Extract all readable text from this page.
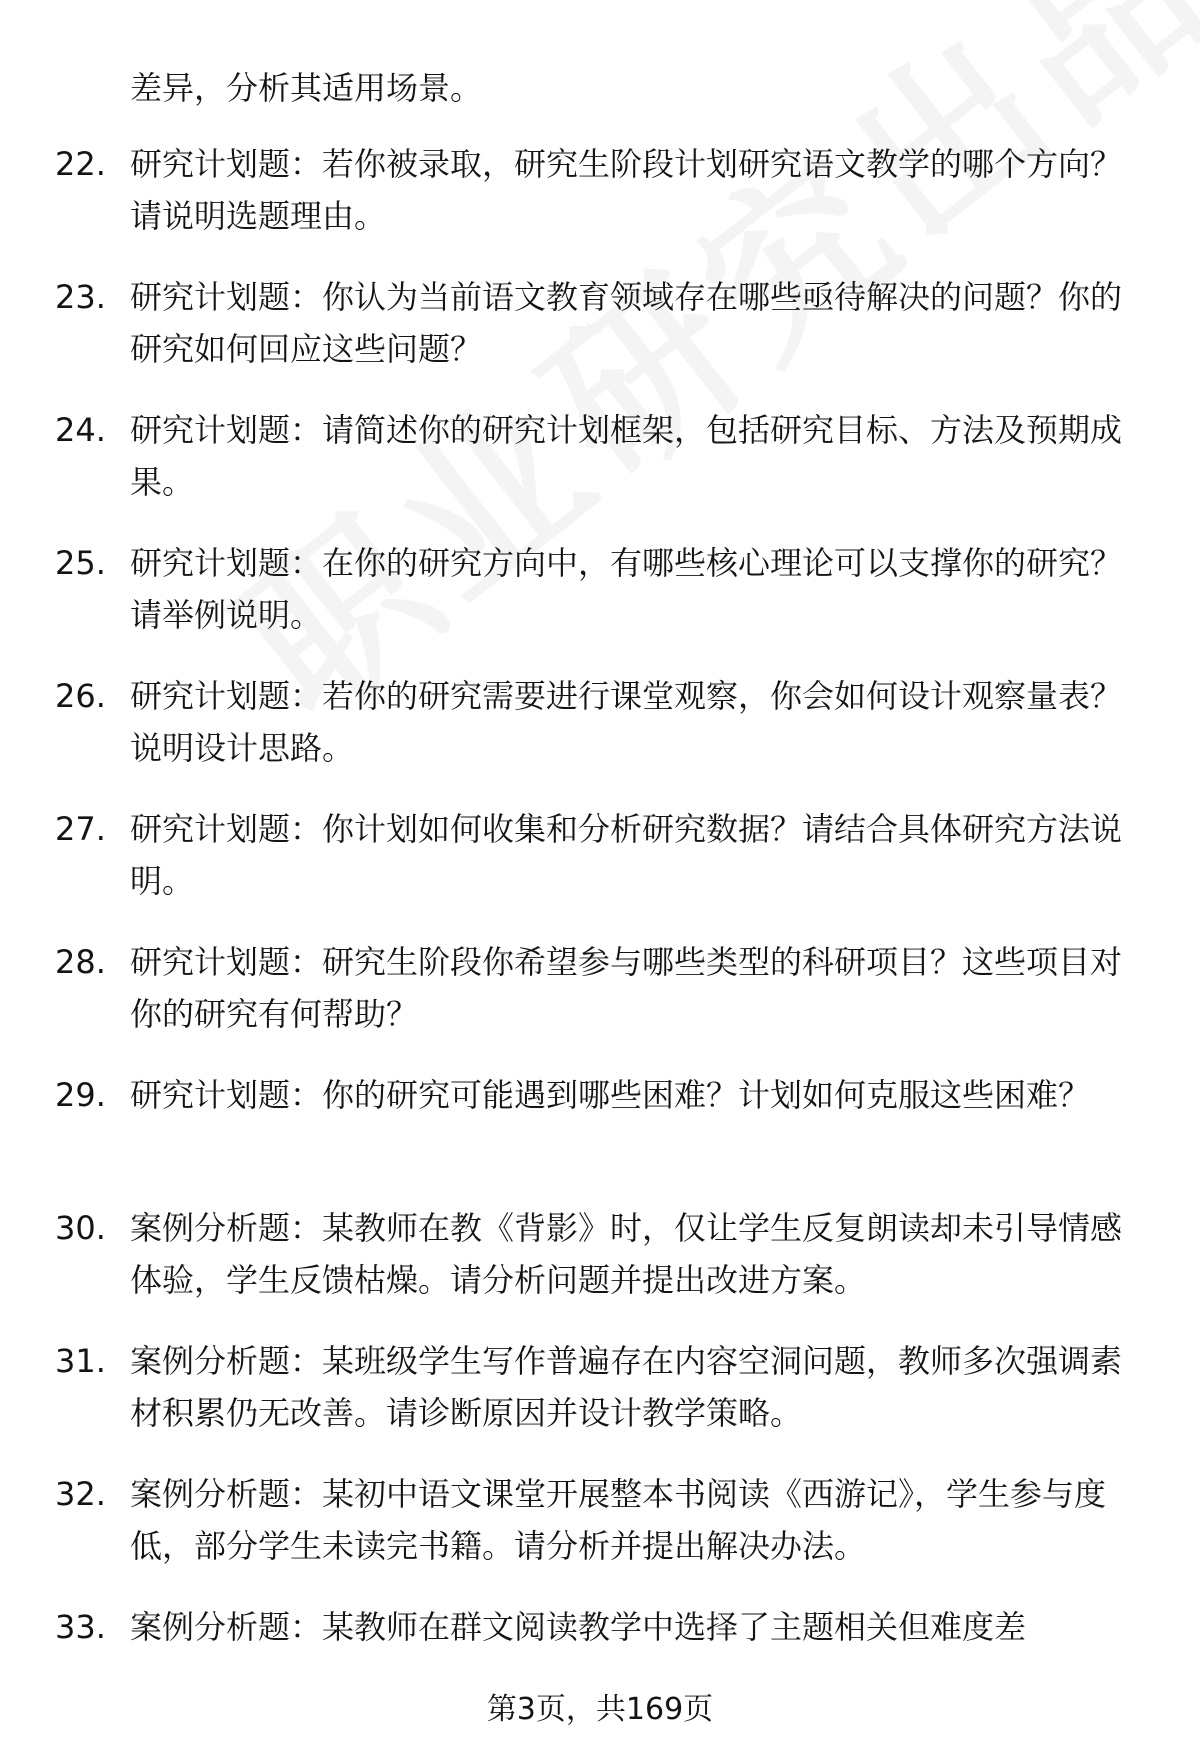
差异，分析其适用场景。
22. 研究计划题：若你被录取，研究生阶段计划研究语文教学的哪个方向？请说明选题理由。
23. 研究计划题：你认为当前语文教育领域存在哪些亟待解决的问题？你的研究如何回应这些问题？
24. 研究计划题：请简述你的研究计划框架，包括研究目标、方法及预期成果。
25. 研究计划题：在你的研究方向中，有哪些核心理论可以支撑你的研究？请举例说明。
26. 研究计划题：若你的研究需要进行课堂观察，你会如何设计观察量表？说明设计思路。
27. 研究计划题：你计划如何收集和分析研究数据？请结合具体研究方法说明。
28. 研究计划题：研究生阶段你希望参与哪些类型的科研项目？这些项目对你的研究有何帮助？
29. 研究计划题：你的研究可能遇到哪些困难？计划如何克服这些困难？
30. 案例分析题：某教师在教《背影》时，仅让学生反复朗读却未引导情感体验，学生反馈枯燥。请分析问题并提出改进方案。
31. 案例分析题：某班级学生写作普遍存在内容空洞问题，教师多次强调素材积累仍无改善。请诊断原因并设计教学策略。
32. 案例分析题：某初中语文课堂开展整本书阅读《西游记》，学生参与度低，部分学生未读完书籍。请分析并提出解决办法。
33. 案例分析题：某教师在群文阅读教学中选择了主题相关但难度差
第3页，共169页
